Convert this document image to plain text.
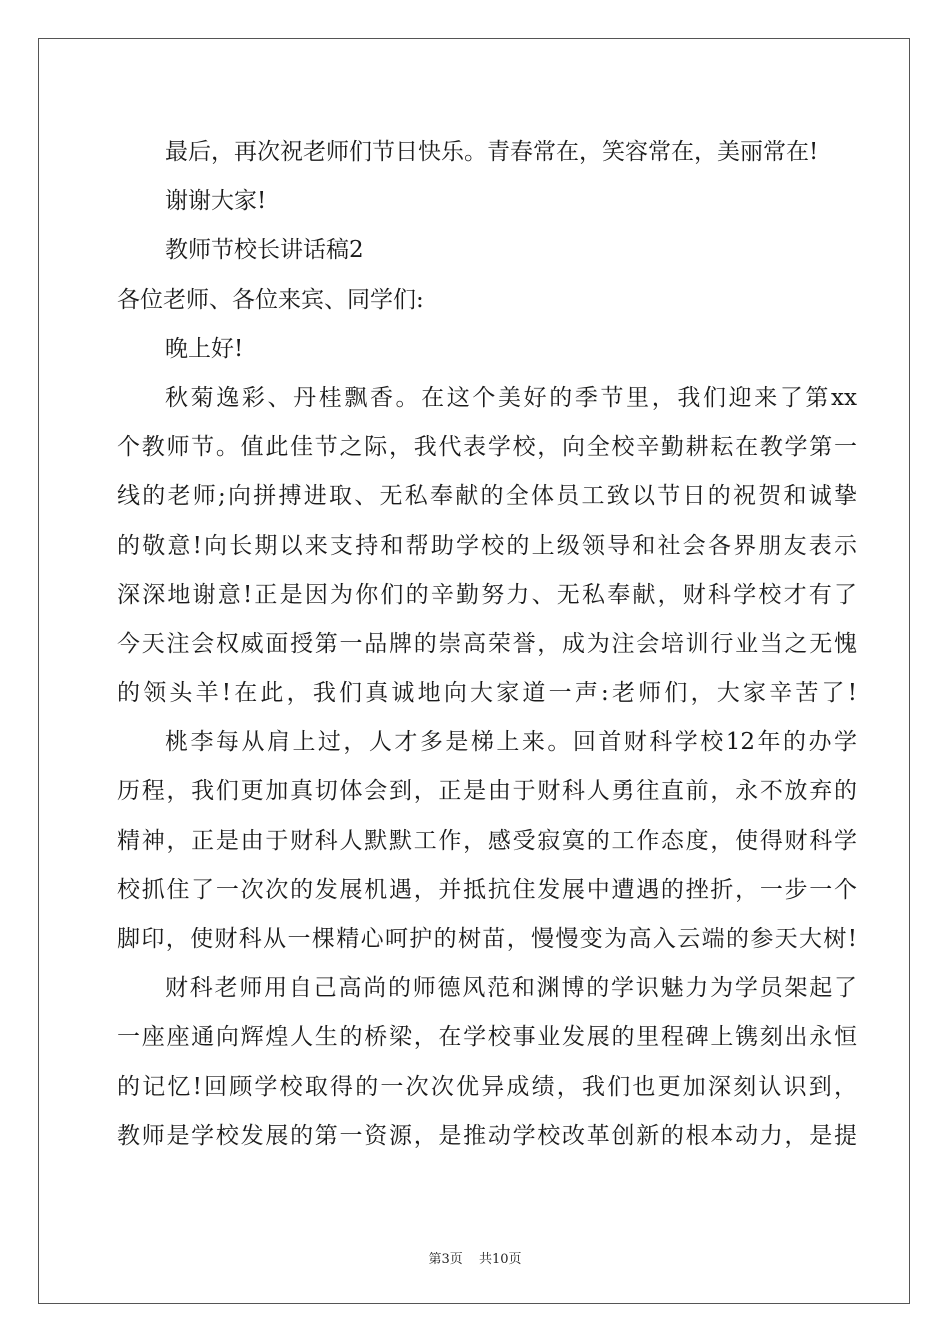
最后，再次祝老师们节日快乐。青春常在，笑容常在，美丽常在!
谢谢大家!
教师节校长讲话稿2
各位老师、各位来宾、同学们:
晚上好!
秋菊逸彩、丹桂飘香。在这个美好的季节里，我们迎来了第xx
个教师节。值此佳节之际，我代表学校，向全校辛勤耕耘在教学第一
线的老师;向拼搏进取、无私奉献的全体员工致以节日的祝贺和诚挚
的敬意!向长期以来支持和帮助学校的上级领导和社会各界朋友表示
深深地谢意!正是因为你们的辛勤努力、无私奉献，财科学校才有了
今天注会权威面授第一品牌的崇高荣誉，成为注会培训行业当之无愧
的领头羊!在此，我们真诚地向大家道一声:老师们，大家辛苦了!
桃李每从肩上过，人才多是梯上来。回首财科学校12年的办学
历程，我们更加真切体会到，正是由于财科人勇往直前，永不放弃的
精神，正是由于财科人默默工作，感受寂寞的工作态度，使得财科学
校抓住了一次次的发展机遇，并抵抗住发展中遭遇的挫折，一步一个
脚印，使财科从一棵精心呵护的树苗，慢慢变为高入云端的参天大树!
财科老师用自己高尚的师德风范和渊博的学识魅力为学员架起了
一座座通向辉煌人生的桥梁，在学校事业发展的里程碑上镌刻出永恒
的记忆!回顾学校取得的一次次优异成绩，我们也更加深刻认识到，
教师是学校发展的第一资源，是推动学校改革创新的根本动力，是提
第3页 共10页
